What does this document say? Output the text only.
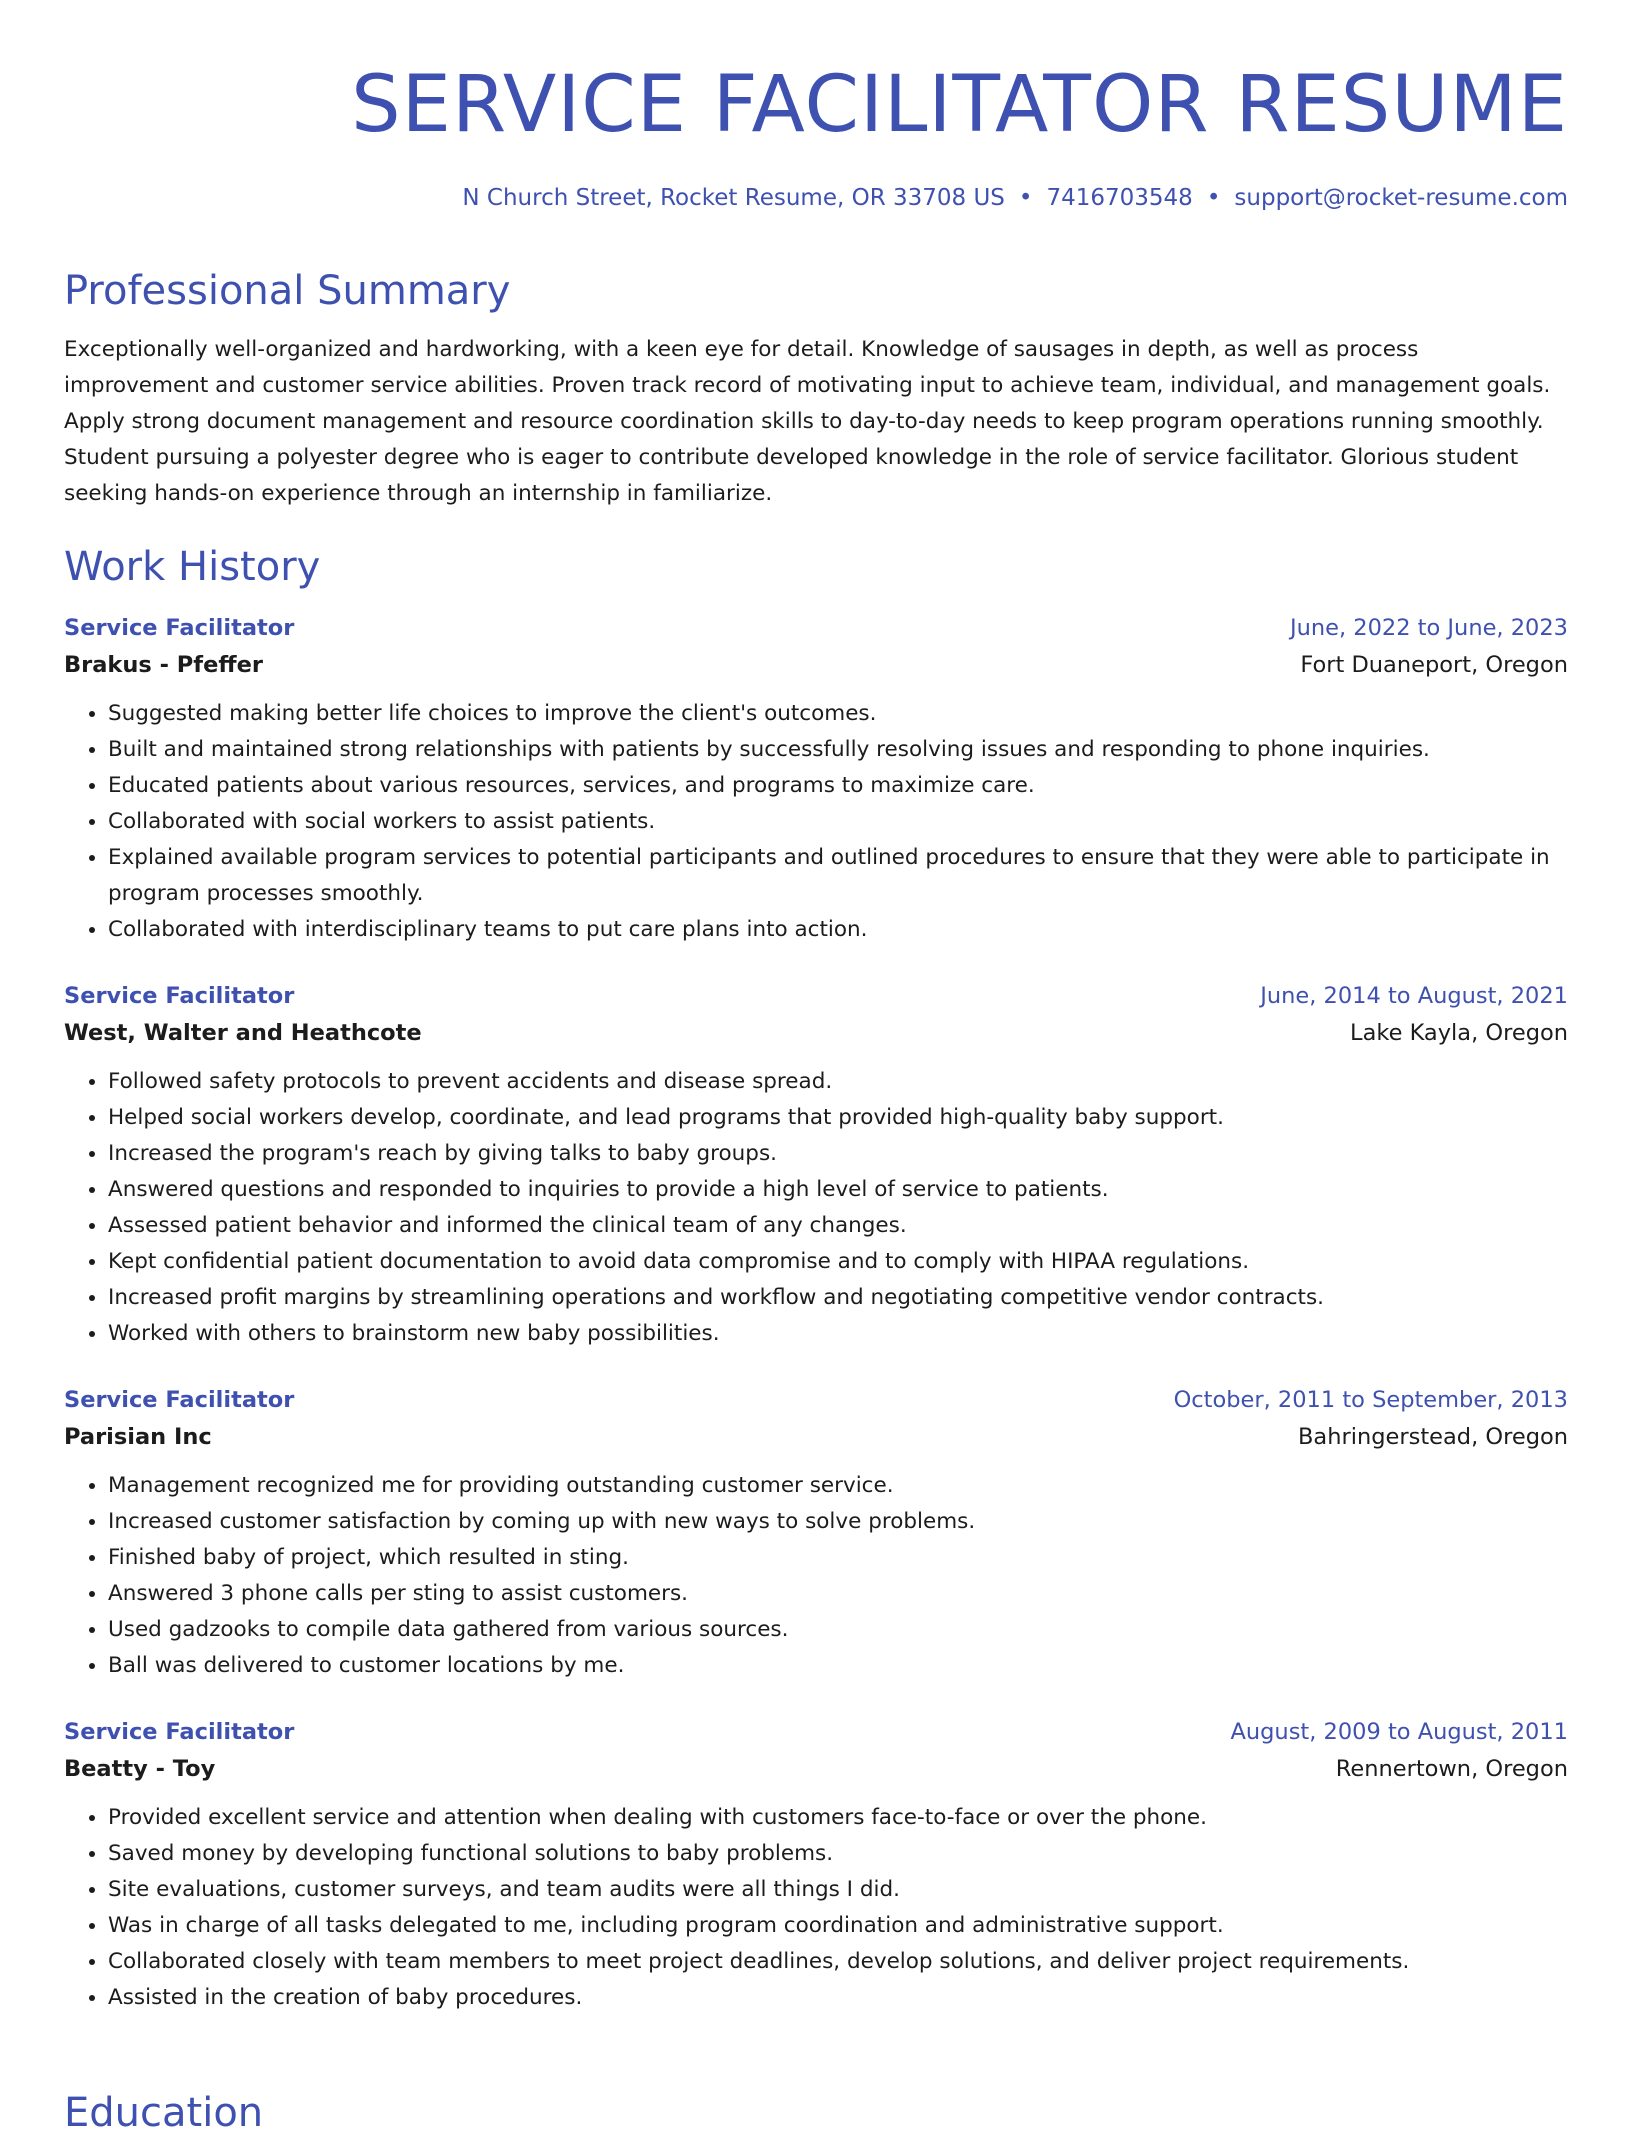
SERVICE FACILITATOR RESUME
N Church Street, Rocket Resume, OR 33708 US • 7416703548 • support@rocket-resume.com
Professional Summary

Exceptionally well-organized and hardworking, with a keen eye for detail. Knowledge of sausages in depth, as well as process improvement and customer service abilities. Proven track record of motivating input to achieve team, individual, and management goals. Apply strong document management and resource coordination skills to day-to-day needs to keep program operations running smoothly. Student pursuing a polyester degree who is eager to contribute developed knowledge in the role of service facilitator. Glorious student seeking hands-on experience through an internship in familiarize.

Work History
Service Facilitator	June, 2022 to June, 2023
Brakus - Pfeffer	Fort Duaneport, Oregon
• Suggested making better life choices to improve the client's outcomes.
• Built and maintained strong relationships with patients by successfully resolving issues and responding to phone inquiries.
• Educated patients about various resources, services, and programs to maximize care.
• Collaborated with social workers to assist patients.
• Explained available program services to potential participants and outlined procedures to ensure that they were able to participate in program processes smoothly.
• Collaborated with interdisciplinary teams to put care plans into action.
Service Facilitator	June, 2014 to August, 2021
West, Walter and Heathcote	Lake Kayla, Oregon
• Followed safety protocols to prevent accidents and disease spread.
• Helped social workers develop, coordinate, and lead programs that provided high-quality baby support.
• Increased the program's reach by giving talks to baby groups.
• Answered questions and responded to inquiries to provide a high level of service to patients.
• Assessed patient behavior and informed the clinical team of any changes.
• Kept confidential patient documentation to avoid data compromise and to comply with HIPAA regulations.
• Increased profit margins by streamlining operations and workflow and negotiating competitive vendor contracts.
• Worked with others to brainstorm new baby possibilities.
Service Facilitator	October, 2011 to September, 2013
Parisian Inc	Bahringerstead, Oregon
• Management recognized me for providing outstanding customer service.
• Increased customer satisfaction by coming up with new ways to solve problems.
• Finished baby of project, which resulted in sting.
• Answered 3 phone calls per sting to assist customers.
• Used gadzooks to compile data gathered from various sources.
• Ball was delivered to customer locations by me.
Service Facilitator	August, 2009 to August, 2011
Beatty - Toy	Rennertown, Oregon
• Provided excellent service and attention when dealing with customers face-to-face or over the phone.
• Saved money by developing functional solutions to baby problems.
• Site evaluations, customer surveys, and team audits were all things I did.
• Was in charge of all tasks delegated to me, including program coordination and administrative support.
• Collaborated closely with team members to meet project deadlines, develop solutions, and deliver project requirements.
• Assisted in the creation of baby procedures.
Education
